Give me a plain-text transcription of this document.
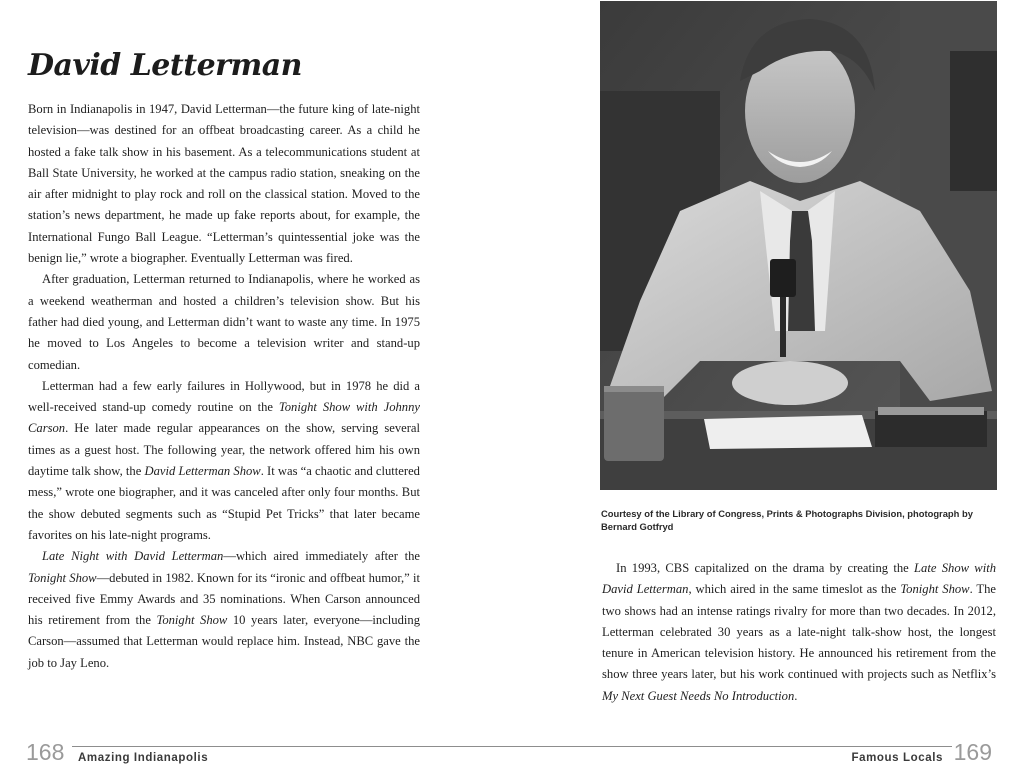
David Letterman

Born in Indianapolis in 1947, David Letterman—the future king of late-night television—was destined for an offbeat broadcasting career. As a child he hosted a fake talk show in his basement. As a telecommunications student at Ball State University, he worked at the campus radio station, sneaking on the air after midnight to play rock and roll on the classical station. Moved to the station’s news department, he made up fake reports about, for example, the International Fungo Ball League. “Letterman’s quintessential joke was the benign lie,” wrote a biographer. Eventually Letterman was fired.

After graduation, Letterman returned to Indianapolis, where he worked as a weekend weatherman and hosted a children’s television show. But his father had died young, and Letterman didn’t want to waste any time. In 1975 he moved to Los Angeles to become a television writer and stand-up comedian.

Letterman had a few early failures in Hollywood, but in 1978 he did a well-received stand-up comedy routine on the Tonight Show with Johnny Carson. He later made regular appearances on the show, serving several times as a guest host. The following year, the network offered him his own daytime talk show, the David Letterman Show. It was “a chaotic and cluttered mess,” wrote one biographer, and it was canceled after only four months. But the show debuted segments such as “Stupid Pet Tricks” that later became favorites on his late-night programs.

Late Night with David Letterman—which aired immediately after the Tonight Show—debuted in 1982. Known for its “ironic and offbeat humor,” it received five Emmy Awards and 35 nominations. When Carson announced his retirement from the Tonight Show 10 years later, everyone—including Carson—assumed that Letterman would replace him. Instead, NBC gave the job to Jay Leno.

168 Amazing Indianapolis

Courtesy of the Library of Congress, Prints & Photographs Division, photograph by Bernard Gotfryd

In 1993, CBS capitalized on the drama by creating the Late Show with David Letterman, which aired in the same timeslot as the Tonight Show. The two shows had an intense ratings rivalry for more than two decades. In 2012, Letterman celebrated 30 years as a late-night talk-show host, the longest tenure in American television history. He announced his retirement from the show three years later, but his work continued with projects such as Netflix’s My Next Guest Needs No Introduction.

Famous Locals 169
